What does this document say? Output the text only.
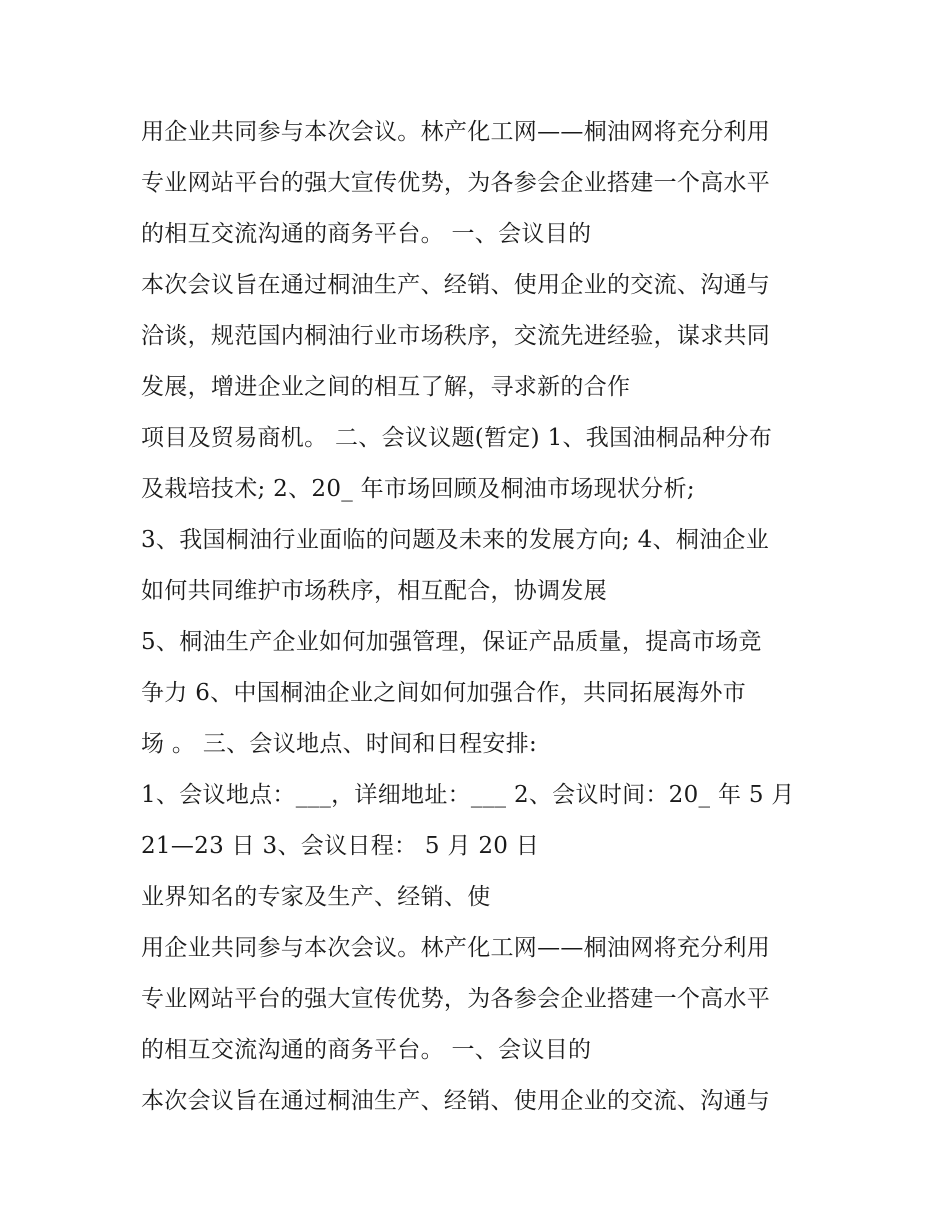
用企业共同参与本次会议。林产化工网——桐油网将充分利用
专业网站平台的强大宣传优势，为各参会企业搭建一个高水平
的相互交流沟通的商务平台。 一、会议目的
本次会议旨在通过桐油生产、经销、使用企业的交流、沟通与
洽谈，规范国内桐油行业市场秩序，交流先进经验，谋求共同
发展，增进企业之间的相互了解，寻求新的合作
项目及贸易商机。 二、会议议题(暂定) 1、我国油桐品种分布
及栽培技术; 2、20_ 年市场回顾及桐油市场现状分析;
3、我国桐油行业面临的问题及未来的发展方向; 4、桐油企业
如何共同维护市场秩序，相互配合，协调发展
5、桐油生产企业如何加强管理，保证产品质量，提高市场竞
争力 6、中国桐油企业之间如何加强合作，共同拓展海外市
场 。 三、会议地点、时间和日程安排:
1、会议地点：___，详细地址：___ 2、会议时间：20_ 年 5 月
21—23 日 3、会议日程： 5 月 20 日
业界知名的专家及生产、经销、使
用企业共同参与本次会议。林产化工网——桐油网将充分利用
专业网站平台的强大宣传优势，为各参会企业搭建一个高水平
的相互交流沟通的商务平台。 一、会议目的
本次会议旨在通过桐油生产、经销、使用企业的交流、沟通与
